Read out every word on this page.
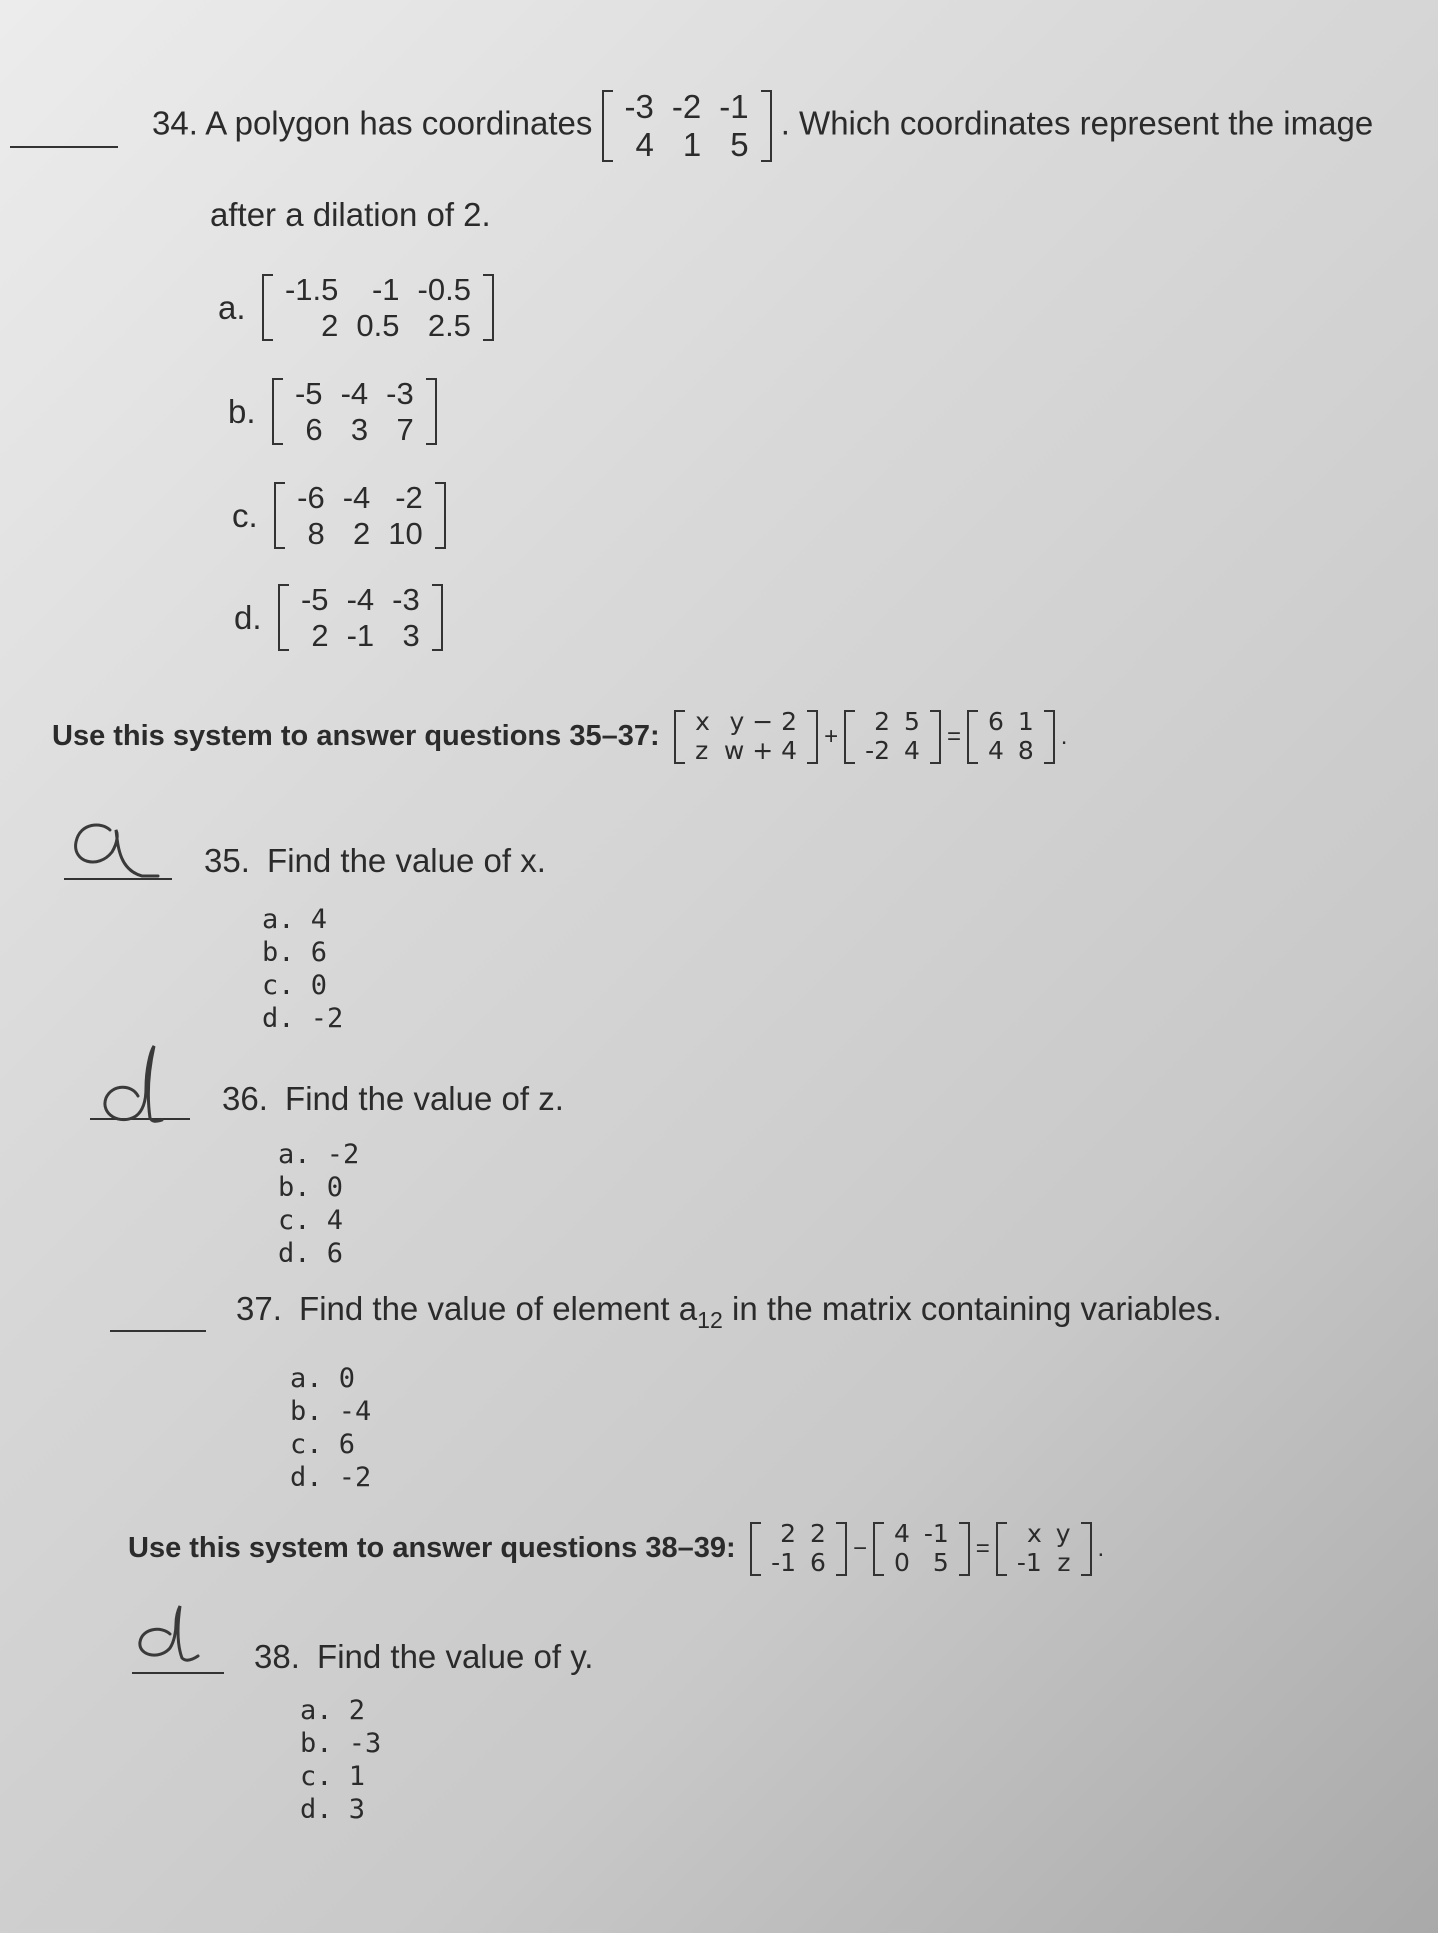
34. A polygon has coordinates -3	-2	-1
4	1	5
. Which coordinates represent the image
after a dilation of 2.
a. -1.5	-1	-0.5
2	0.5	2.5
b. -5	-4	-3
6	3	7
c. -6	-4	-2
8	2	10
d. -5	-4	-3
2	-1	3
Use this system to answer questions 35–37: x	y − 2
z	w + 4 +
2	5
-2	4 =
6	1
4	8 .
35. Find the value of x.
a. 4
b. 6
c. 0
d. -2
36. Find the value of z.
a. -2
b. 0
c. 4
d. 6
37. Find the value of element $a_{12}$ in the matrix containing variables.
a. 0
b. -4
c. 6
d. -2
Use this system to answer questions 38–39: 2	2
-1	6 −
4	-1
0	5 =
x	y
-1	z .
38. Find the value of y.
a. 2
b. -3
c. 1
d. 3
